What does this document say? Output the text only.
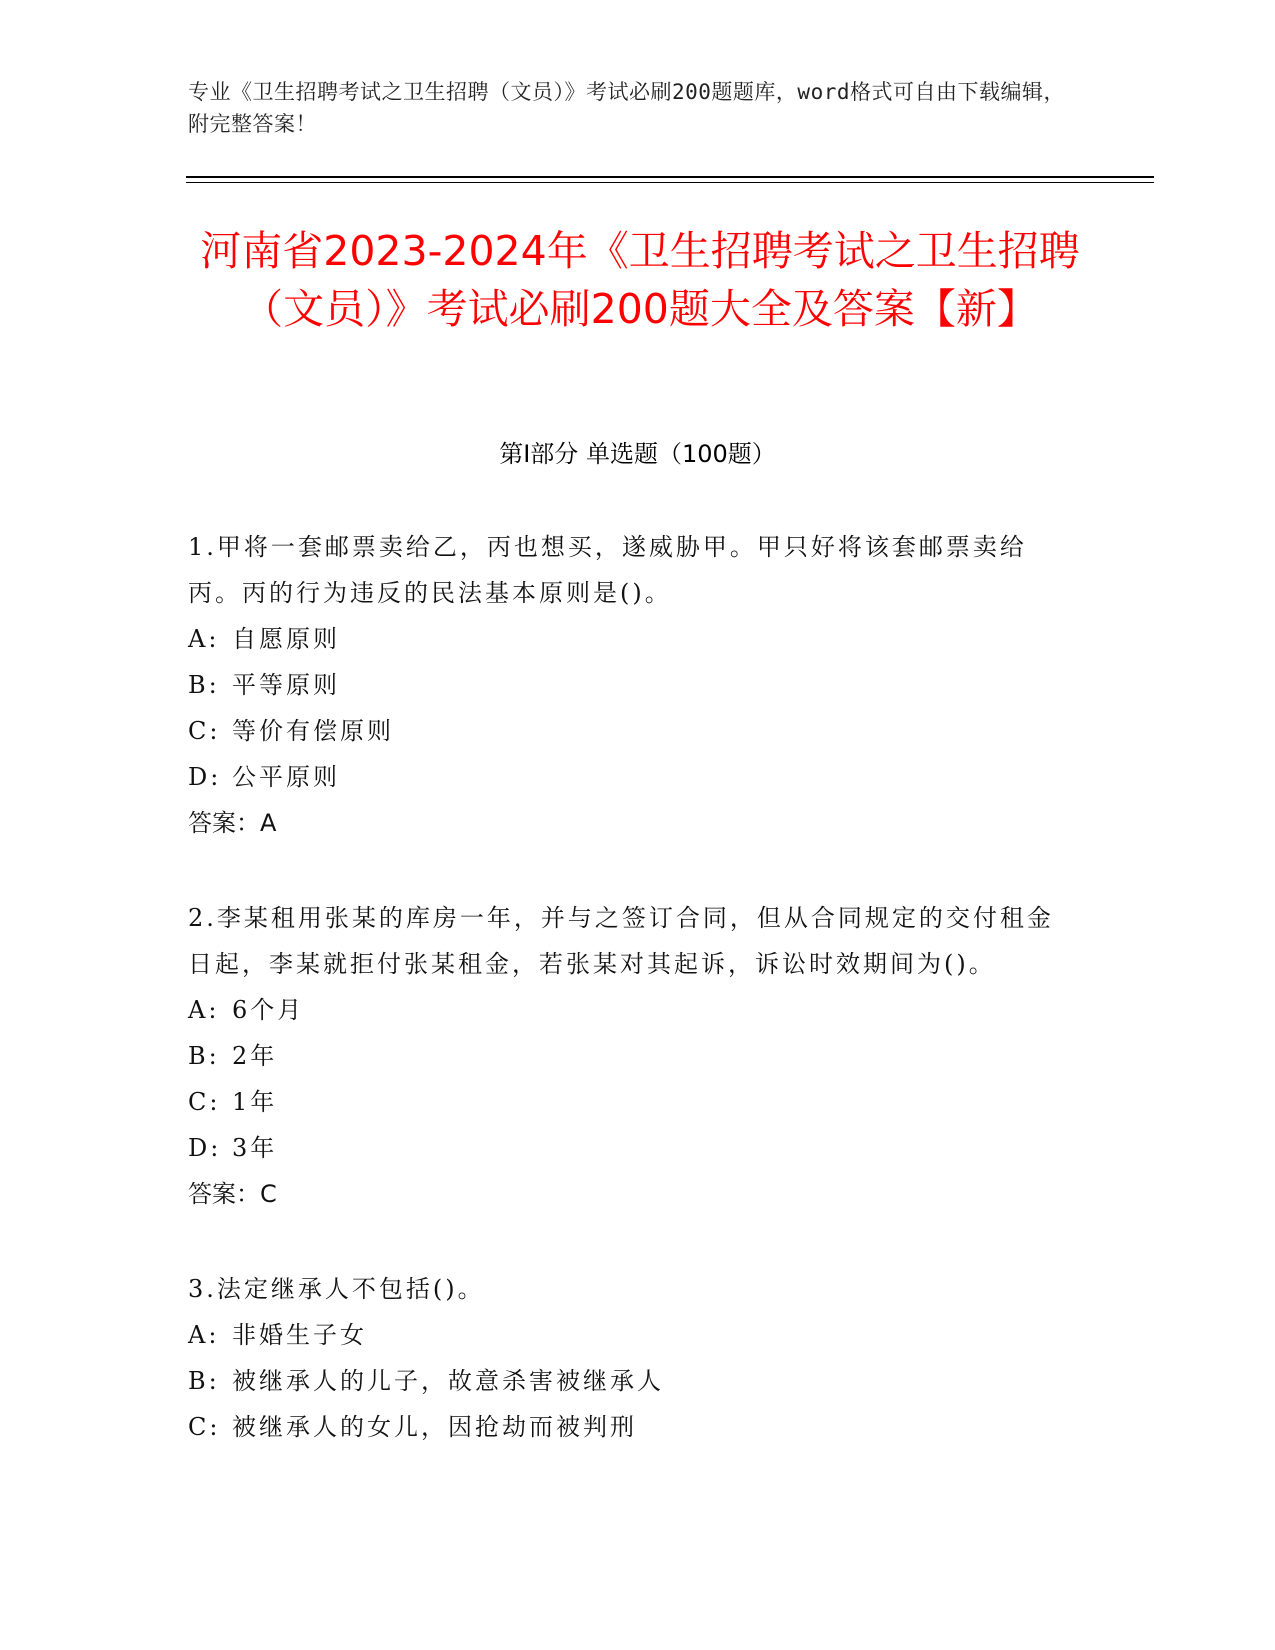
专业《卫生招聘考试之卫生招聘（文员）》考试必刷200题题库，word格式可自由下载编辑，附完整答案！
河南省2023-2024年《卫生招聘考试之卫生招聘（文员）》考试必刷200题大全及答案【新】
第Ⅰ部分 单选题（100题）
1.甲将一套邮票卖给乙，丙也想买，遂威胁甲。甲只好将该套邮票卖给丙。丙的行为违反的民法基本原则是()。
A: 自愿原则
B: 平等原则
C: 等价有偿原则
D: 公平原则
答案：A
2.李某租用张某的库房一年，并与之签订合同，但从合同规定的交付租金日起，李某就拒付张某租金，若张某对其起诉，诉讼时效期间为()。
A: 6个月
B: 2年
C: 1年
D: 3年
答案：C
3.法定继承人不包括()。
A: 非婚生子女
B: 被继承人的儿子，故意杀害被继承人
C: 被继承人的女儿，因抢劫而被判刑
